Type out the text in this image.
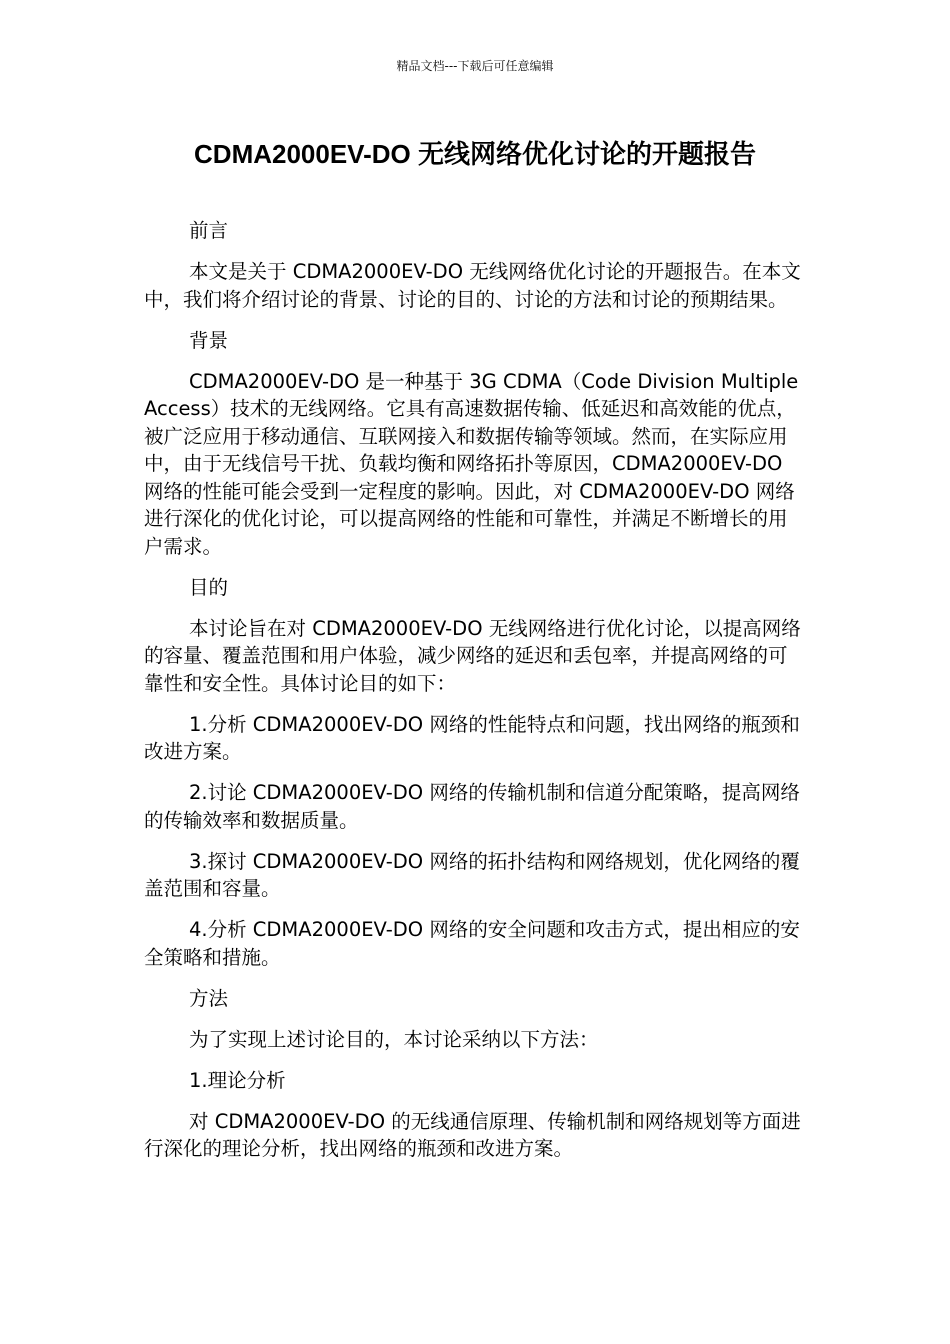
精品文档---下载后可任意编辑
CDMA2000EV-DO 无线网络优化讨论的开题报告

前言

本文是关于 CDMA2000EV-DO 无线网络优化讨论的开题报告。在本文中，我们将介绍讨论的背景、讨论的目的、讨论的方法和讨论的预期结果。

背景

CDMA2000EV-DO 是一种基于 3G CDMA（Code Division Multiple Access）技术的无线网络。它具有高速数据传输、低延迟和高效能的优点，被广泛应用于移动通信、互联网接入和数据传输等领域。然而，在实际应用中，由于无线信号干扰、负载均衡和网络拓扑等原因，CDMA2000EV-DO 网络的性能可能会受到一定程度的影响。因此，对 CDMA2000EV-DO 网络进行深化的优化讨论，可以提高网络的性能和可靠性，并满足不断增长的用户需求。

目的

本讨论旨在对 CDMA2000EV-DO 无线网络进行优化讨论，以提高网络的容量、覆盖范围和用户体验，减少网络的延迟和丢包率，并提高网络的可靠性和安全性。具体讨论目的如下：

1.分析 CDMA2000EV-DO 网络的性能特点和问题，找出网络的瓶颈和改进方案。

2.讨论 CDMA2000EV-DO 网络的传输机制和信道分配策略，提高网络的传输效率和数据质量。

3.探讨 CDMA2000EV-DO 网络的拓扑结构和网络规划，优化网络的覆盖范围和容量。

4.分析 CDMA2000EV-DO 网络的安全问题和攻击方式，提出相应的安全策略和措施。

方法

为了实现上述讨论目的，本讨论采纳以下方法：

1.理论分析

对 CDMA2000EV-DO 的无线通信原理、传输机制和网络规划等方面进行深化的理论分析，找出网络的瓶颈和改进方案。
